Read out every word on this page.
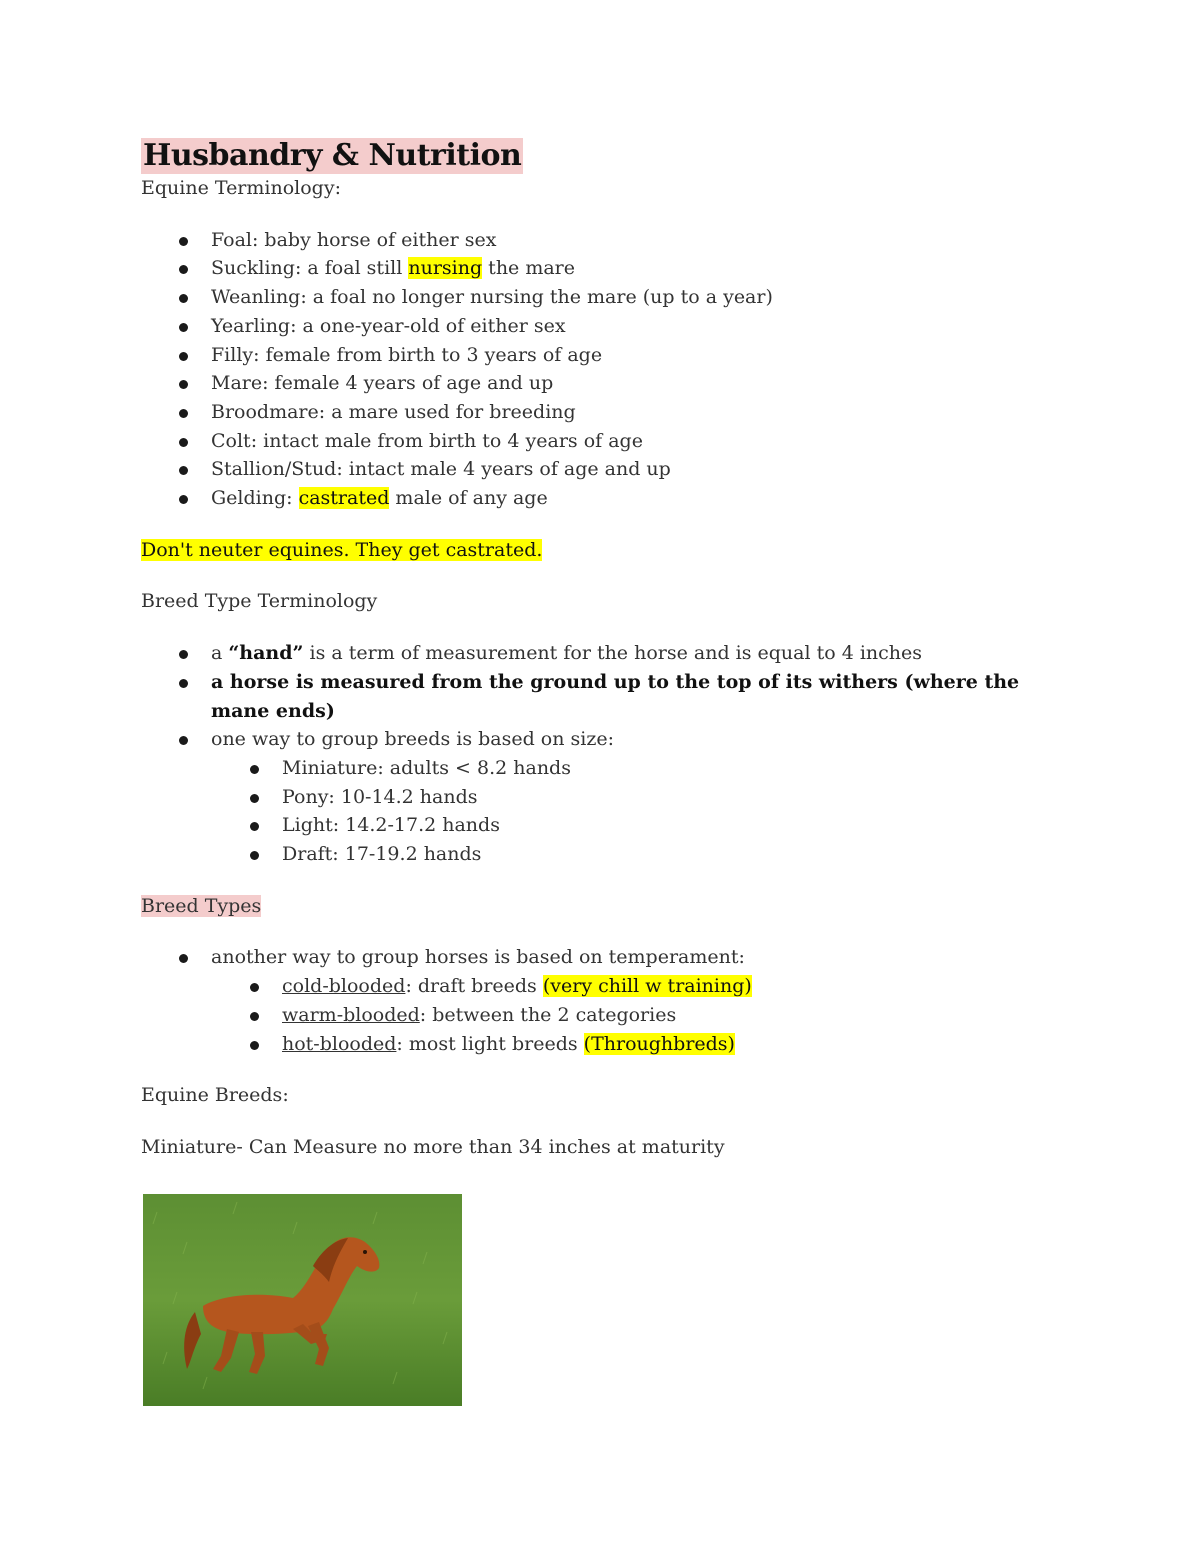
Husbandry & Nutrition
Equine Terminology:
Foal: baby horse of either sex
Suckling: a foal still nursing the mare
Weanling: a foal no longer nursing the mare (up to a year)
Yearling: a one-year-old of either sex
Filly: female from birth to 3 years of age
Mare: female 4 years of age and up
Broodmare: a mare used for breeding
Colt: intact male from birth to 4 years of age
Stallion/Stud: intact male 4 years of age and up
Gelding: castrated male of any age
Don't neuter equines. They get castrated.
Breed Type Terminology
a “hand” is a term of measurement for the horse and is equal to 4 inches
a horse is measured from the ground up to the top of its withers (where the mane ends)
one way to group breeds is based on size:
Miniature: adults < 8.2 hands
Pony: 10-14.2 hands
Light: 14.2-17.2 hands
Draft: 17-19.2 hands
Breed Types
another way to group horses is based on temperament:
cold-blooded: draft breeds (very chill w training)
warm-blooded: between the 2 categories
hot-blooded: most light breeds (Throughbreds)
Equine Breeds:
Miniature- Can Measure no more than 34 inches at maturity
